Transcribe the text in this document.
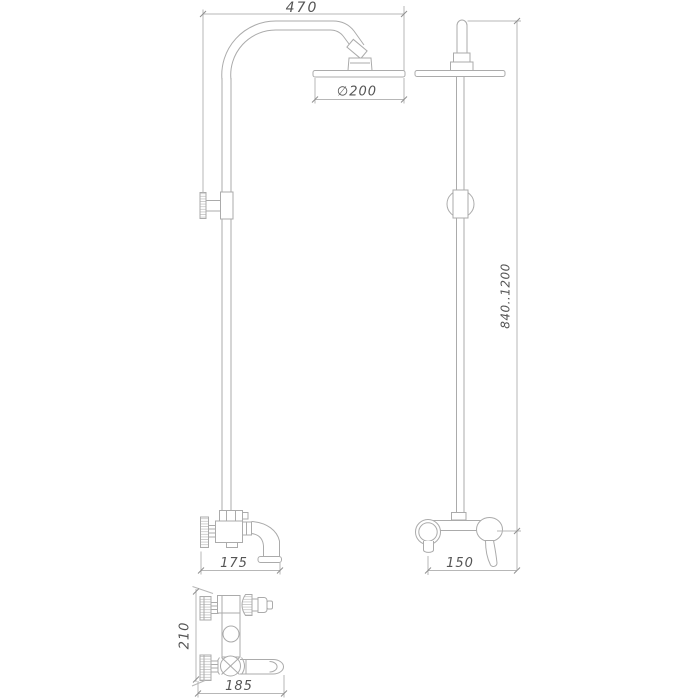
175	150
840..1200
210
185
470
∅200
